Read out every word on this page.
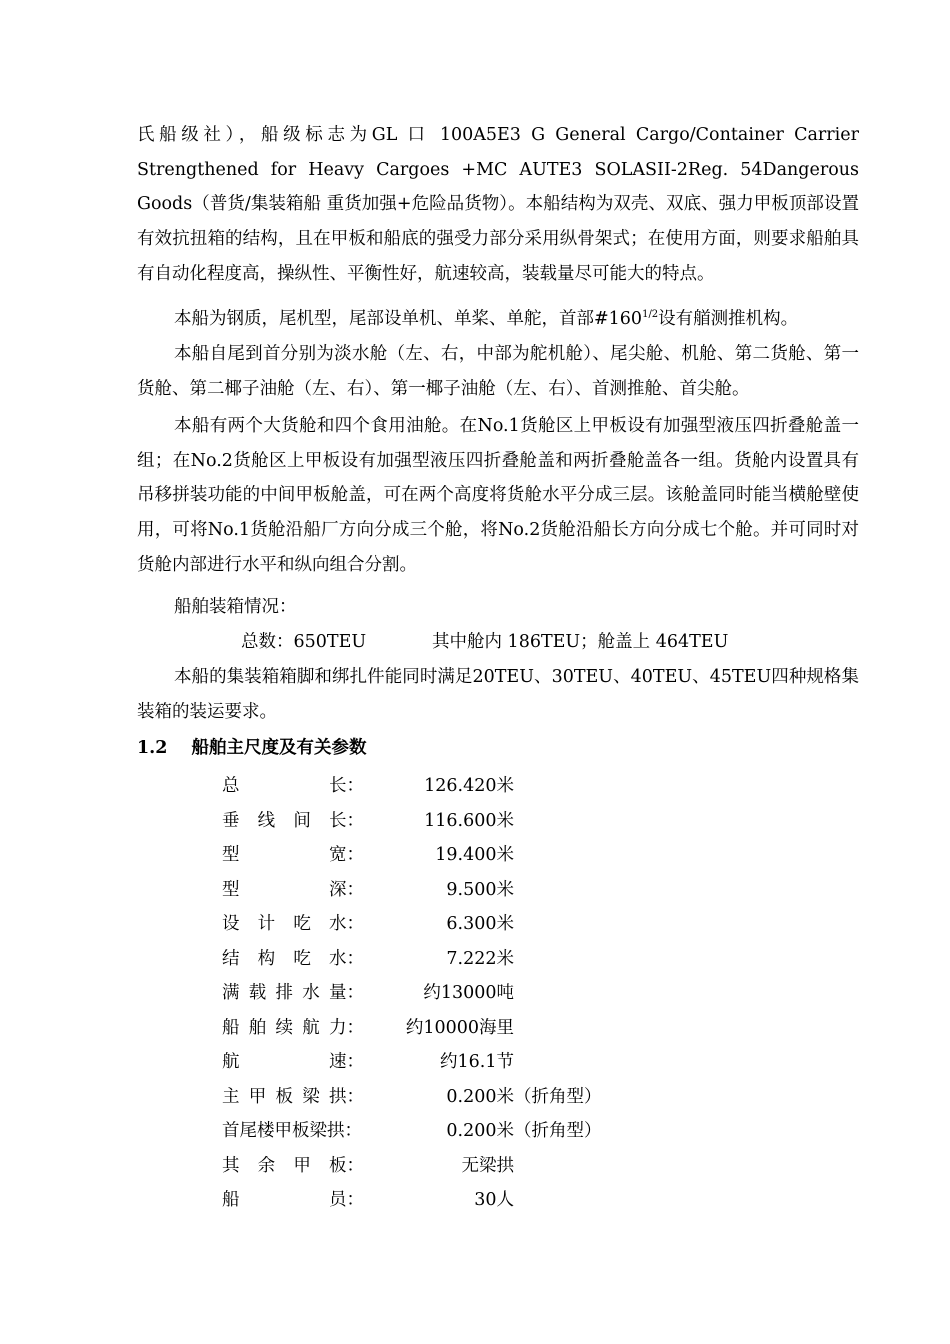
氏船级社），船级标志为GL 口 100A5E3 G General Cargo/Container Carrier Strengthened for Heavy Cargoes +MC AUTE3 SOLASII-2Reg. 54Dangerous Goods（普货/集装箱船 重货加强+危险品货物）。本船结构为双壳、双底、强力甲板顶部设置有效抗扭箱的结构，且在甲板和船底的强受力部分采用纵骨架式；在使用方面，则要求船舶具有自动化程度高，操纵性、平衡性好，航速较高，装载量尽可能大的特点。

本船为钢质，尾机型，尾部设单机、单桨、单舵，首部$\#160^{1/2}$设有艏测推机构。

本船自尾到首分别为淡水舱（左、右，中部为舵机舱）、尾尖舱、机舱、第二货舱、第一货舱、第二椰子油舱（左、右）、第一椰子油舱（左、右）、首测推舱、首尖舱。

本船有两个大货舱和四个食用油舱。在No.1货舱区上甲板设有加强型液压四折叠舱盖一组；在No.2货舱区上甲板设有加强型液压四折叠舱盖和两折叠舱盖各一组。货舱内设置具有吊移拼装功能的中间甲板舱盖，可在两个高度将货舱水平分成三层。该舱盖同时能当横舱壁使用，可将No.1货舱沿船厂方向分成三个舱，将No.2货舱沿船长方向分成七个舱。并可同时对货舱内部进行水平和纵向组合分割。

船舶装箱情况：
总数：650TEU	其中舱内 186TEU；舱盖上 464TEU

本船的集装箱箱脚和绑扎件能同时满足20TEU、30TEU、40TEU、45TEU四种规格集装箱的装运要求。

1.2 船舶主尺度及有关参数
总	长：	126.420米
垂 线 间 长：	116.600米
型	宽：	19.400米
型	深：	9.500米
设 计 吃 水：	6.300米
结 构 吃 水：	7.222米
满 载 排 水 量：	约13000吨
船 舶 续 航 力：	约10000海里
航	速：	约16.1节
主 甲 板 梁 拱：	0.200米 （折角型）
首尾楼甲板梁拱：	0.200米 （折角型）
其 余 甲 板：	无梁拱
船	员：	30人
